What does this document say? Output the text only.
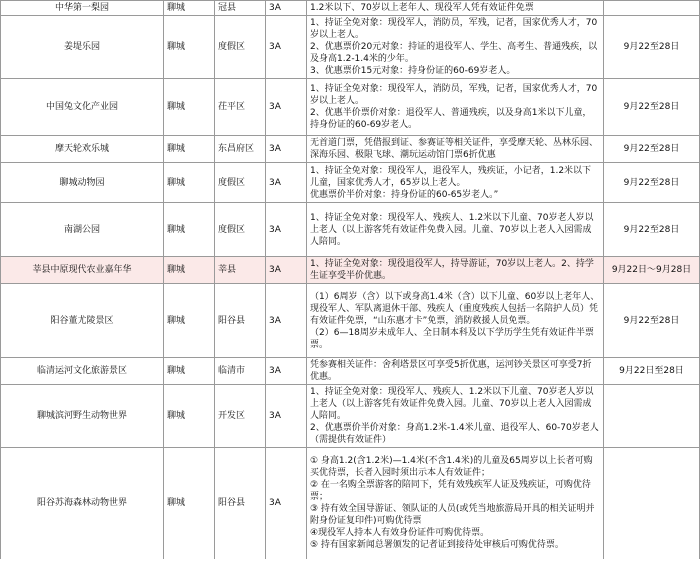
中华第一梨园	聊城	冠县	3A	1.2米以下、70岁以上老年人、现役军人凭有效证件免票	

姜堤乐园	聊城	度假区	3A	1、持证全免对象：现役军人，消防员，军残，记者，国家优秀人才，70岁以上老人。
2、优惠票价20元对象：持证的退役军人、学生、高考生、普通残疾，以及身高1.2-1.4米的少年。
3、优惠票价15元对象：持身份证的60-69岁老人。	9月22至28日
中国兔文化产业园	聊城	茌平区	3A	1、持证全免对象：现役军人，消防员，军残，记者，国家优秀人才，70岁以上老人。
2、优惠半价票价对象：退役军人、普通残疾，以及身高1米以下儿童，持身份证的60-69岁老人。	9月22至28日
摩天轮欢乐城	聊城	东昌府区	3A	无首道门票，凭借报到证、参赛证等相关证件，享受摩天轮、丛林乐园、深海乐园、极限飞球、潮玩运动馆门票6折优惠	9月22至28日
聊城动物园	聊城	度假区	3A	1、持证全免对象：现役军人，退役军人，残疾证，小记者，1.2米以下儿童，国家优秀人才，65岁以上老人。
优惠票价半价对象：持身份证的60-65岁老人。”	9月22至28日
南湖公园	聊城	度假区	3A	1、持证全免对象：现役军人、残疾人、1.2米以下儿童、70岁老人岁以上老人（以上游客凭有效证件免费入园。儿童、70岁以上老人入园需成人陪同。	9月22至28日
莘县中原现代农业嘉年华	聊城	莘县	3A	1、持证全免对象：现役退役军人，持导游证，70岁以上老人。2、持学生证享受半价优惠。	9月22日～9月28日
阳谷董尤陵景区	聊城	阳谷县	3A	（1）6周岁（含）以下或身高1.4米（含）以下儿童、60岁以上老年人、现役军人、军队离退休干部、残疾人（重度残疾人包括一名陪护人员）凭有效证件免票，“山东惠才卡”免票，消防救援人员免票。
（2）6—18周岁未成年人、全日制本科及以下学历学生凭有效证件半票票。	9月22至28日
临清运河文化旅游景区	聊城	临清市	3A	凭参赛相关证件：舍利塔景区可享受5折优惠，运河钞关景区可享受7折优惠。	9月22日至28日
聊城滨河野生动物世界	聊城	开发区	3A	1、持证全免对象：现役军人、残疾人、1.2米以下儿童、70岁老人岁以上老人（以上游客凭有效证件免费入园。儿童、70岁以上老人入园需成人陪同。
2、优惠票价半价对象：身高1.2米-1.4米儿童、退役军人、60-70岁老人（需提供有效证件）	

阳谷苏海森林动物世界	聊城	阳谷县	3A	① 身高1.2(含1.2米)—1.4米(不含1.4米)的儿童及65周岁以上长者可购买优待票，长者入园时须出示本人有效证件；
② 在一名购全票游客的陪同下，凭有效残疾军人证及残疾证，可购优待票；
③ 持有效全国导游证、领队证的人员(或凭当地旅游局开具的相关证明并附身份证复印件)可购优待票
④现役军人持本人有效身份证件可购优待票。
⑤ 持有国家新闻总署颁发的记者证到接待处审核后可购优待票。	
